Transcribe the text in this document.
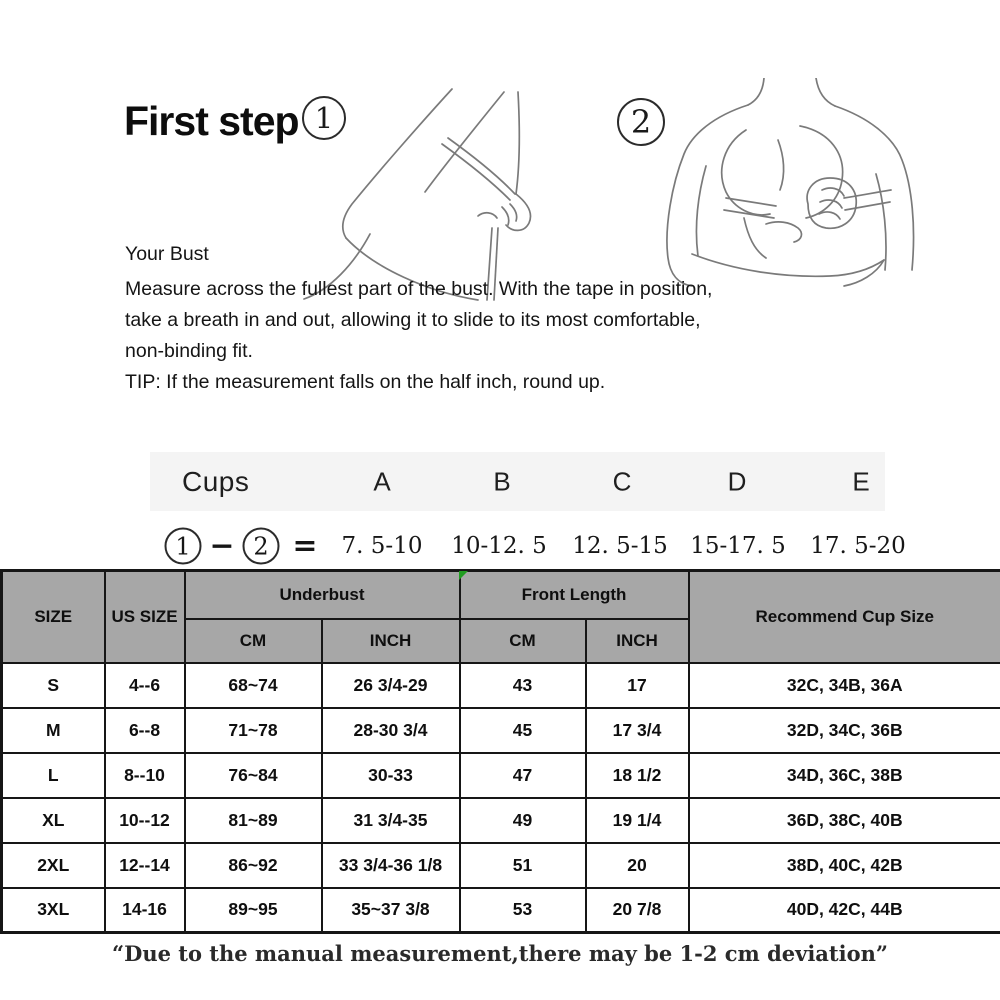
First step 1	2
Your Bust
Measure across the fullest part of the bust. With the tape in position,
take a breath in and out, allowing it to slide to its most comfortable,
non-binding fit.
TIP: If the measurement falls on the half inch, round up.
Cups	A	B	C	D	E
1 − 2 = 7. 5-10 10-12. 5 12. 5-15 15-17. 5 17. 5-20
SIZE	US SIZE	Underbust		Front Length		Recommend Cup Size
		CM	INCH	CM	INCH	
S	4--6	68~74	26 3/4-29	43	17	32C, 34B, 36A
M	6--8	71~78	28-30 3/4	45	17 3/4	32D, 34C, 36B
L	8--10	76~84	30-33	47	18 1/2	34D, 36C, 38B
XL	10--12	81~89	31 3/4-35	49	19 1/4	36D, 38C, 40B
2XL	12--14	86~92	33 3/4-36 1/8	51	20	38D, 40C, 42B
3XL	14-16	89~95	35~37 3/8	53	20 7/8	40D, 42C, 44B
“Due to the manual measurement,there may be 1-2 cm deviation”
